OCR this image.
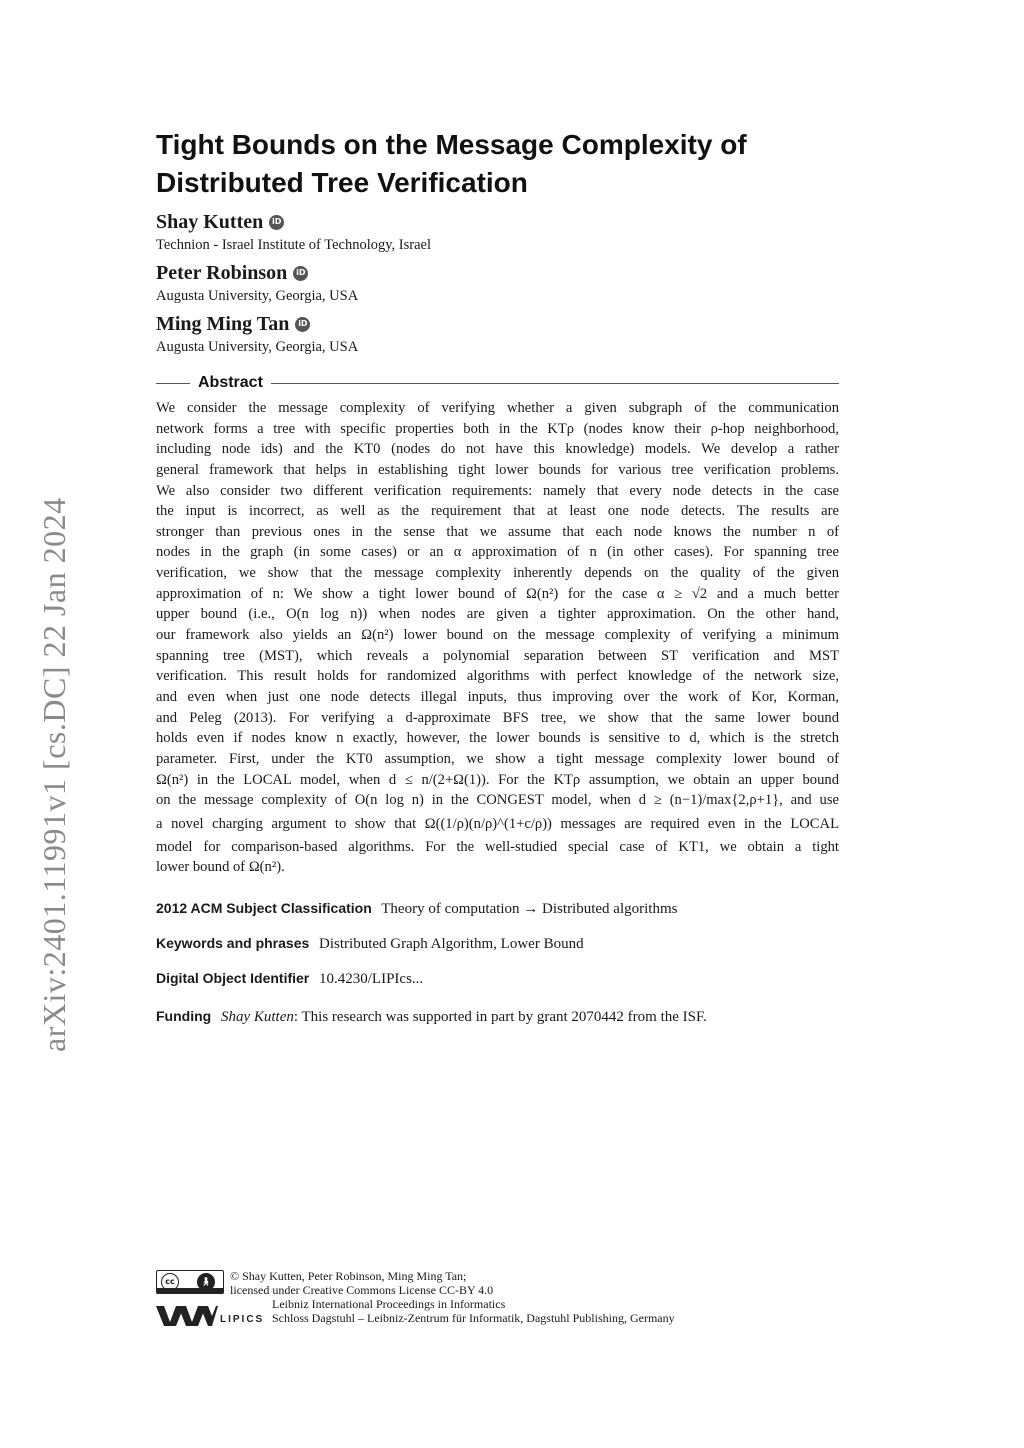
arXiv:2401.11991v1 [cs.DC] 22 Jan 2024
Tight Bounds on the Message Complexity of
Distributed Tree Verification
Shay Kutten	iD
Technion - Israel Institute of Technology, Israel
Peter Robinson	iD
Augusta University, Georgia, USA
Ming Ming Tan	iD
Augusta University, Georgia, USA
Abstract

We consider the message complexity of verifying whether a given subgraph of the communication

network forms a tree with specific properties both in the KTρ (nodes know their ρ-hop neighborhood,

including node ids) and the KT0 (nodes do not have this knowledge) models. We develop a rather

general framework that helps in establishing tight lower bounds for various tree verification problems.

We also consider two different verification requirements: namely that every node detects in the case

the input is incorrect, as well as the requirement that at least one node detects. The results are

stronger than previous ones in the sense that we assume that each node knows the number n of

nodes in the graph (in some cases) or an α approximation of n (in other cases). For spanning tree

verification, we show that the message complexity inherently depends on the quality of the given

approximation of n: We show a tight lower bound of Ω(n²) for the case α ≥ √2 and a much better

upper bound (i.e., O(n log n)) when nodes are given a tighter approximation. On the other hand,

our framework also yields an Ω(n²) lower bound on the message complexity of verifying a minimum

spanning tree (MST), which reveals a polynomial separation between ST verification and MST

verification. This result holds for randomized algorithms with perfect knowledge of the network size,

and even when just one node detects illegal inputs, thus improving over the work of Kor, Korman,

and Peleg (2013). For verifying a d-approximate BFS tree, we show that the same lower bound

holds even if nodes know n exactly, however, the lower bounds is sensitive to d, which is the stretch

parameter. First, under the KT0 assumption, we show a tight message complexity lower bound of

Ω(n²) in the LOCAL model, when d ≤ n/(2+Ω(1)). For the KTρ assumption, we obtain an upper bound

on the message complexity of O(n log n) in the CONGEST model, when d ≥ (n−1)/max{2,ρ+1}, and use

a novel charging argument to show that Ω((1/ρ)(n/ρ)^(1+c/ρ)) messages are required even in the LOCAL

model for comparison-based algorithms. For the well-studied special case of KT1, we obtain a tight

lower bound of Ω(n²).

2012 ACM Subject Classification Theory of computation → Distributed algorithms
Keywords and phrases Distributed Graph Algorithm, Lower Bound
Digital Object Identifier 10.4230/LIPIcs...
Funding Shay Kutten: This research was supported in part by grant 2070442 from the ISF.
cc	🚶︎
LIPICS
© Shay Kutten, Peter Robinson, Ming Ming Tan;
licensed under Creative Commons License CC-BY 4.0
Leibniz International Proceedings in Informatics
Schloss Dagstuhl – Leibniz-Zentrum für Informatik, Dagstuhl Publishing, Germany
